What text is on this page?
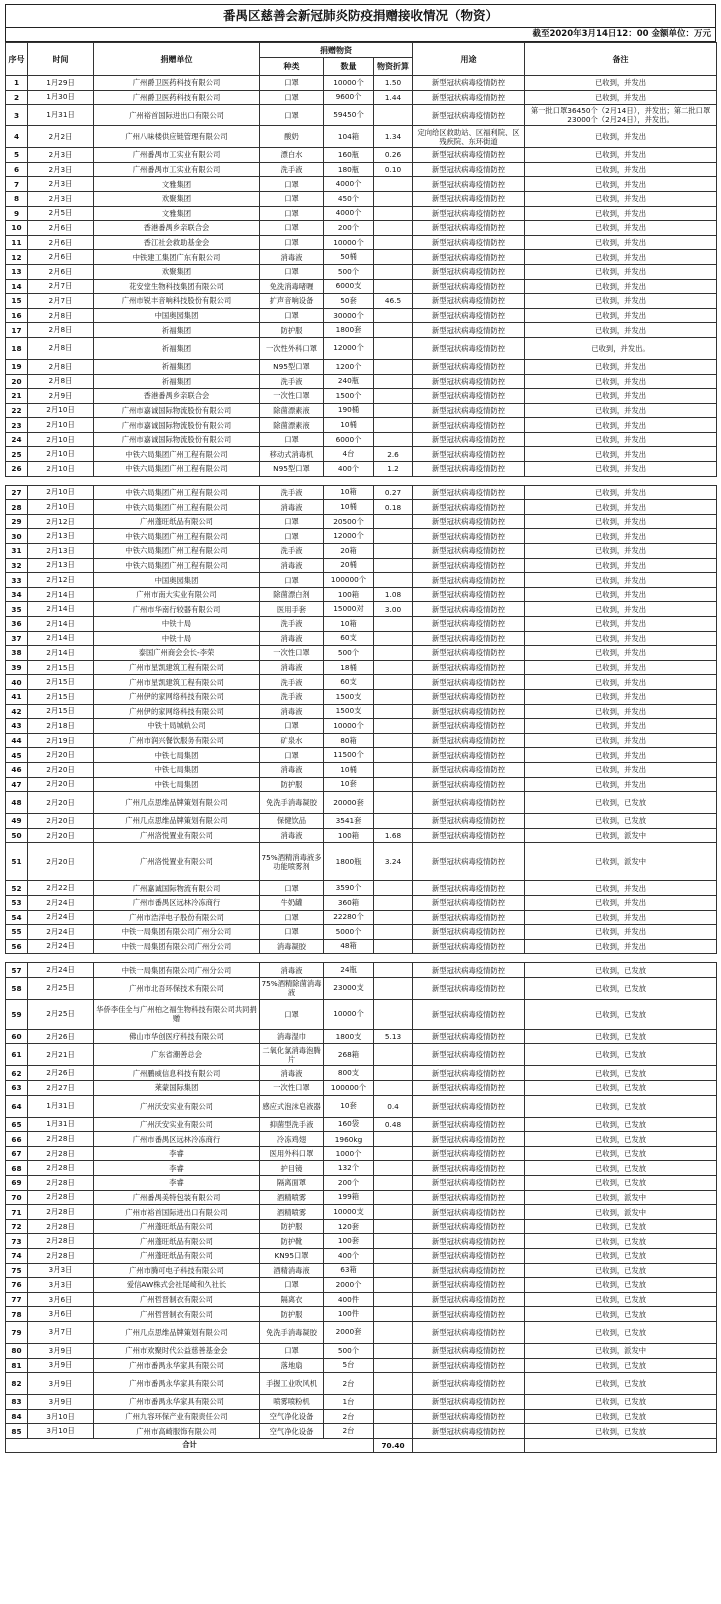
番禺区慈善会新冠肺炎防疫捐赠接收情况（物资）
截至2020年3月14日12：00 金额单位：万元
序号	时间	捐赠单位	捐赠物资			用途	备注
			种类	数量	物资折算		
1	1月29日	广州爵卫医药科技有限公司	口罩	10000个	1.50	新型冠状病毒疫情防控	已收到，并发出
2	1月30日	广州爵卫医药科技有限公司	口罩	9600个	1.44	新型冠状病毒疫情防控	已收到，并发出
3	1月31日	广州裕首国际进出口有限公司	口罩	59450个		新型冠状病毒疫情防控	第一批口罩36450个（2月14日），并发出；第二批口罩23000个（2月24日），并发出。
4	2月2日	广州八味楼供应链管理有限公司	酸奶	104箱	1.34	定向给区救助站、区福利院、区残疾院、东环街道	已收到，并发出
5	2月3日	广州番禺市工实业有限公司	漂白水	160瓶	0.26	新型冠状病毒疫情防控	已收到，并发出
6	2月3日	广州番禺市工实业有限公司	洗手液	180瓶	0.10	新型冠状病毒疫情防控	已收到，并发出
7	2月3日	文雅集团	口罩	4000个		新型冠状病毒疫情防控	已收到，并发出
8	2月3日	欢聚集团	口罩	450个		新型冠状病毒疫情防控	已收到，并发出
9	2月5日	文雅集团	口罩	4000个		新型冠状病毒疫情防控	已收到，并发出
10	2月6日	香港番禺乡亲联合会	口罩	200个		新型冠状病毒疫情防控	已收到，并发出
11	2月6日	香江社会救助基金会	口罩	10000个		新型冠状病毒疫情防控	已收到，并发出
12	2月6日	中铁建工集团广东有限公司	消毒液	50桶		新型冠状病毒疫情防控	已收到，并发出
13	2月6日	欢聚集团	口罩	500个		新型冠状病毒疫情防控	已收到，并发出
14	2月7日	花安堂生物科技集团有限公司	免洗消毒啫喱	6000支		新型冠状病毒疫情防控	已收到，并发出
15	2月7日	广州市锐丰音响科技股份有限公司	扩声音响设备	50套	46.5	新型冠状病毒疫情防控	已收到，并发出
16	2月8日	中国奥园集团	口罩	30000个		新型冠状病毒疫情防控	已收到，并发出
17	2月8日	祈福集团	防护服	1800套		新型冠状病毒疫情防控	已收到，并发出
18	2月8日	祈福集团	一次性外科口罩	12000个		新型冠状病毒疫情防控	已收到，并发出。
19	2月8日	祈福集团	N95型口罩	1200个		新型冠状病毒疫情防控	已收到，并发出
20	2月8日	祈福集团	洗手液	240瓶		新型冠状病毒疫情防控	已收到，并发出
21	2月9日	香港番禺乡亲联合会	一次性口罩	1500个		新型冠状病毒疫情防控	已收到，并发出
22	2月10日	广州市嘉诚国际物流股份有限公司	除菌漂素液	190桶		新型冠状病毒疫情防控	已收到，并发出
23	2月10日	广州市嘉诚国际物流股份有限公司	除菌漂素液	10桶		新型冠状病毒疫情防控	已收到，并发出
24	2月10日	广州市嘉诚国际物流股份有限公司	口罩	6000个		新型冠状病毒疫情防控	已收到，并发出
25	2月10日	中铁六局集团广州工程有限公司	移动式消毒机	4台	2.6	新型冠状病毒疫情防控	已收到，并发出
26	2月10日	中铁六局集团广州工程有限公司	N95型口罩	400个	1.2	新型冠状病毒疫情防控	已收到，并发出

27	2月10日	中铁六局集团广州工程有限公司	洗手液	10箱	0.27	新型冠状病毒疫情防控	已收到，并发出
28	2月10日	中铁六局集团广州工程有限公司	消毒液	10桶	0.18	新型冠状病毒疫情防控	已收到，并发出
29	2月12日	广州蓬旺纸品有限公司	口罩	20500个		新型冠状病毒疫情防控	已收到，并发出
30	2月13日	中铁六局集团广州工程有限公司	口罩	12000个		新型冠状病毒疫情防控	已收到，并发出
31	2月13日	中铁六局集团广州工程有限公司	洗手液	20箱		新型冠状病毒疫情防控	已收到，并发出
32	2月13日	中铁六局集团广州工程有限公司	消毒液	20桶		新型冠状病毒疫情防控	已收到，并发出
33	2月12日	中国奥园集团	口罩	100000个		新型冠状病毒疫情防控	已收到，并发出
34	2月14日	广州市南大实业有限公司	除菌漂白剂	100箱	1.08	新型冠状病毒疫情防控	已收到，并发出
35	2月14日	广州市华南行较器有限公司	医用手套	15000对	3.00	新型冠状病毒疫情防控	已收到，并发出
36	2月14日	中铁十局	洗手液	10箱		新型冠状病毒疫情防控	已收到，并发出
37	2月14日	中铁十局	消毒液	60支		新型冠状病毒疫情防控	已收到，并发出
38	2月14日	泰国广州商会会长-李荣	一次性口罩	500个		新型冠状病毒疫情防控	已收到，并发出
39	2月15日	广州市星凯建筑工程有限公司	消毒液	18桶		新型冠状病毒疫情防控	已收到，并发出
40	2月15日	广州市星凯建筑工程有限公司	洗手液	60支		新型冠状病毒疫情防控	已收到，并发出
41	2月15日	广州伊的家网络科技有限公司	洗手液	1500支		新型冠状病毒疫情防控	已收到，并发出
42	2月15日	广州伊的家网络科技有限公司	消毒液	1500支		新型冠状病毒疫情防控	已收到，并发出
43	2月18日	中铁十局城轨公司	口罩	10000个		新型冠状病毒疫情防控	已收到，并发出
44	2月19日	广州市润兴餐饮服务有限公司	矿泉水	80箱		新型冠状病毒疫情防控	已收到，并发出
45	2月20日	中铁七局集团	口罩	11500个		新型冠状病毒疫情防控	已收到，并发出
46	2月20日	中铁七局集团	消毒液	10桶		新型冠状病毒疫情防控	已收到，并发出
47	2月20日	中铁七局集团	防护服	10套		新型冠状病毒疫情防控	已收到，并发出
48	2月20日	广州几点思维品牌策划有限公司	免洗手消毒凝胶	20000套		新型冠状病毒疫情防控	已收到，已发放
49	2月20日	广州几点思维品牌策划有限公司	保健饮品	3541套		新型冠状病毒疫情防控	已收到，已发放
50	2月20日	广州洛悦置业有限公司	消毒液	100箱	1.68	新型冠状病毒疫情防控	已收到，派发中
51	2月20日	广州洛悦置业有限公司	75%酒精消毒液多功能喷雾剂	1800瓶	3.24	新型冠状病毒疫情防控	已收到，派发中
52	2月22日	广州嘉诚国际物流有限公司	口罩	3590个		新型冠状病毒疫情防控	已收到，并发出
53	2月24日	广州市番禺区远林冷冻商行	牛奶罐	360箱		新型冠状病毒疫情防控	已收到，并发出
54	2月24日	广州市浩洋电子股份有限公司	口罩	22280个		新型冠状病毒疫情防控	已收到，并发出
55	2月24日	中铁一局集团有限公司广州分公司	口罩	5000个		新型冠状病毒疫情防控	已收到，并发出
56	2月24日	中铁一局集团有限公司广州分公司	消毒凝胶	48箱		新型冠状病毒疫情防控	已收到，并发出

57	2月24日	中铁一局集团有限公司广州分公司	消毒液	24瓶		新型冠状病毒疫情防控	已收到，已发放
58	2月25日	广州市北吾环保技术有限公司	75%酒精除菌消毒液	23000支		新型冠状病毒疫情防控	已收到，已发放
59	2月25日	华侨李佳全与广州柏之福生物科技有限公司共同捐赠	口罩	10000个		新型冠状病毒疫情防控	已收到，已发放
60	2月26日	佛山市华创医疗科技有限公司	消毒湿巾	1800支	5.13	新型冠状病毒疫情防控	已收到，已发放
61	2月21日	广东省潮善总会	二氧化氯消毒泡腾片	268箱		新型冠状病毒疫情防控	已收到，已发放
62	2月26日	广州鹏威信息科技有限公司	消毒液	800支		新型冠状病毒疫情防控	已收到，已发放
63	2月27日	莱蒙国际集团	一次性口罩	100000个		新型冠状病毒疫情防控	已收到，已发放
64	1月31日	广州沃安实业有限公司	感应式泡沫皂液器	10套	0.4	新型冠状病毒疫情防控	已收到，已发放
65	1月31日	广州沃安实业有限公司	抑菌型洗手液	160袋	0.48	新型冠状病毒疫情防控	已收到，已发放
66	2月28日	广州市番禺区远林冷冻商行	冷冻鸡翅	1960kg		新型冠状病毒疫情防控	已收到，已发放
67	2月28日	李睿	医用外科口罩	1000个		新型冠状病毒疫情防控	已收到，已发放
68	2月28日	李睿	护目镜	132个		新型冠状病毒疫情防控	已收到，已发放
69	2月28日	李睿	隔离面罩	200个		新型冠状病毒疫情防控	已收到，已发放
70	2月28日	广州番禺美特包装有限公司	酒精喷雾	199箱		新型冠状病毒疫情防控	已收到，派发中
71	2月28日	广州市裕首国际进出口有限公司	酒精喷雾	10000支		新型冠状病毒疫情防控	已收到，派发中
72	2月28日	广州蓬旺纸品有限公司	防护服	120套		新型冠状病毒疫情防控	已收到，已发放
73	2月28日	广州蓬旺纸品有限公司	防护靴	100套		新型冠状病毒疫情防控	已收到，已发放
74	2月28日	广州蓬旺纸品有限公司	KN95口罩	400个		新型冠状病毒疫情防控	已收到，已发放
75	3月3日	广州市腾可电子科技有限公司	酒精消毒液	63箱		新型冠状病毒疫情防控	已收到，已发放
76	3月3日	爱信AW株式会社尾崎和久社长	口罩	2000个		新型冠状病毒疫情防控	已收到，已发放
77	3月6日	广州哲晋制衣有限公司	隔离衣	400件		新型冠状病毒疫情防控	已收到，已发放
78	3月6日	广州哲晋制衣有限公司	防护服	100件		新型冠状病毒疫情防控	已收到，已发放
79	3月7日	广州几点思维品牌策划有限公司	免洗手消毒凝胶	2000套		新型冠状病毒疫情防控	已收到，已发放
80	3月9日	广州市欢聚时代公益慈善基金会	口罩	500个		新型冠状病毒疫情防控	已收到，派发中
81	3月9日	广州市番禺永华家具有限公司	落地扇	5台		新型冠状病毒疫情防控	已收到，已发放
82	3月9日	广州市番禺永华家具有限公司	手握工业吹风机	2台		新型冠状病毒疫情防控	已收到，已发放
83	3月9日	广州市番禺永华家具有限公司	喷雾喷粉机	1台		新型冠状病毒疫情防控	已收到，已发放
84	3月10日	广州九容环保产业有限责任公司	空气净化设备	2台		新型冠状病毒疫情防控	已收到，已发放
85	3月10日	广州市高崎服饰有限公司	空气净化设备	2台		新型冠状病毒疫情防控	已收到，已发放
合计					70.40		
